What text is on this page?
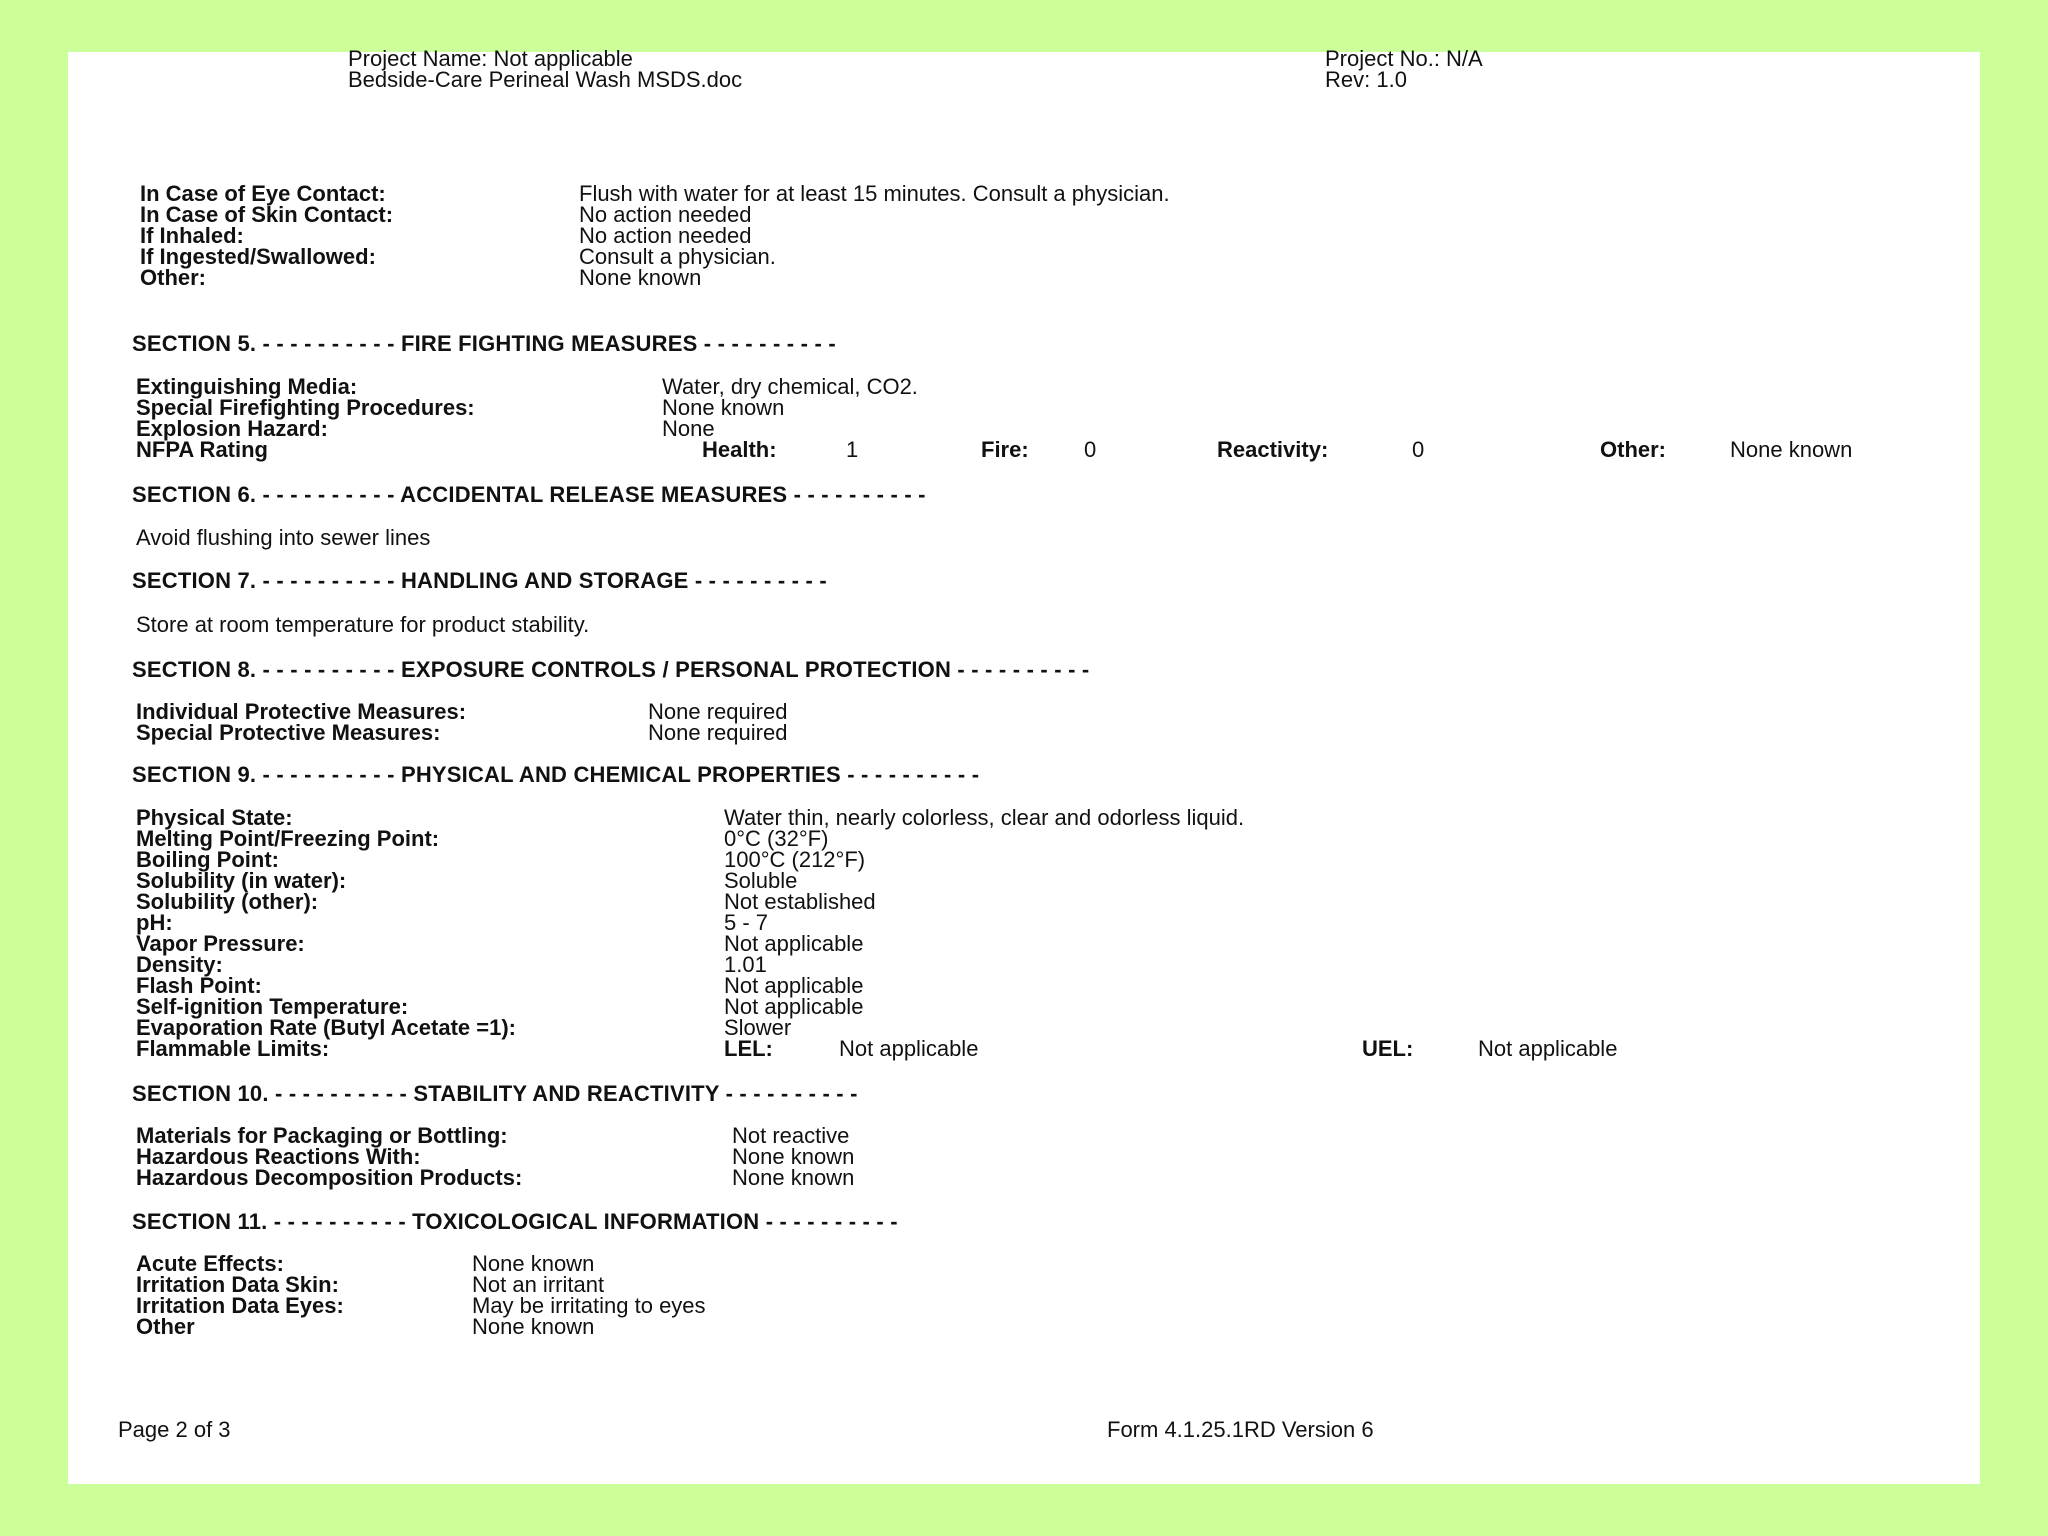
Project Name: Not applicable
Bedside-Care Perineal Wash MSDS.doc
Project No.: N/A
Rev: 1.0
In Case of Eye Contact:	Flush with water for at least 15 minutes. Consult a physician.
In Case of Skin Contact:	No action needed
If Inhaled:	No action needed
If Ingested/Swallowed:	Consult a physician.
Other:	None known
SECTION 5. - - - - - - - - - - FIRE FIGHTING MEASURES - - - - - - - - - -
Extinguishing Media:	Water, dry chemical, CO2.
Special Firefighting Procedures:	None known
Explosion Hazard:	None
NFPA Rating	Health:	1	Fire:	0	Reactivity:	0	Other:	None known
SECTION 6. - - - - - - - - - - ACCIDENTAL RELEASE MEASURES - - - - - - - - - -
Avoid flushing into sewer lines
SECTION 7. - - - - - - - - - - HANDLING AND STORAGE - - - - - - - - - -
Store at room temperature for product stability.
SECTION 8. - - - - - - - - - - EXPOSURE CONTROLS / PERSONAL PROTECTION - - - - - - - - - -
Individual Protective Measures:	None required
Special Protective Measures:	None required
SECTION 9. - - - - - - - - - - PHYSICAL AND CHEMICAL PROPERTIES - - - - - - - - - -
Physical State:	Water thin, nearly colorless, clear and odorless liquid.
Melting Point/Freezing Point:	0°C (32°F)
Boiling Point:	100°C (212°F)
Solubility (in water):	Soluble
Solubility (other):	Not established
pH:	5 - 7
Vapor Pressure:	Not applicable
Density:	1.01
Flash Point:	Not applicable
Self-ignition Temperature:	Not applicable
Evaporation Rate (Butyl Acetate =1):	Slower
Flammable Limits:	LEL:	Not applicable	UEL:	Not applicable
SECTION 10. - - - - - - - - - - STABILITY AND REACTIVITY - - - - - - - - - -
Materials for Packaging or Bottling:	Not reactive
Hazardous Reactions With:	None known
Hazardous Decomposition Products:	None known
SECTION 11. - - - - - - - - - - TOXICOLOGICAL INFORMATION - - - - - - - - - -
Acute Effects:	None known
Irritation Data Skin:	Not an irritant
Irritation Data Eyes:	May be irritating to eyes
Other	None known
Page 2 of 3	Form 4.1.25.1RD Version 6
